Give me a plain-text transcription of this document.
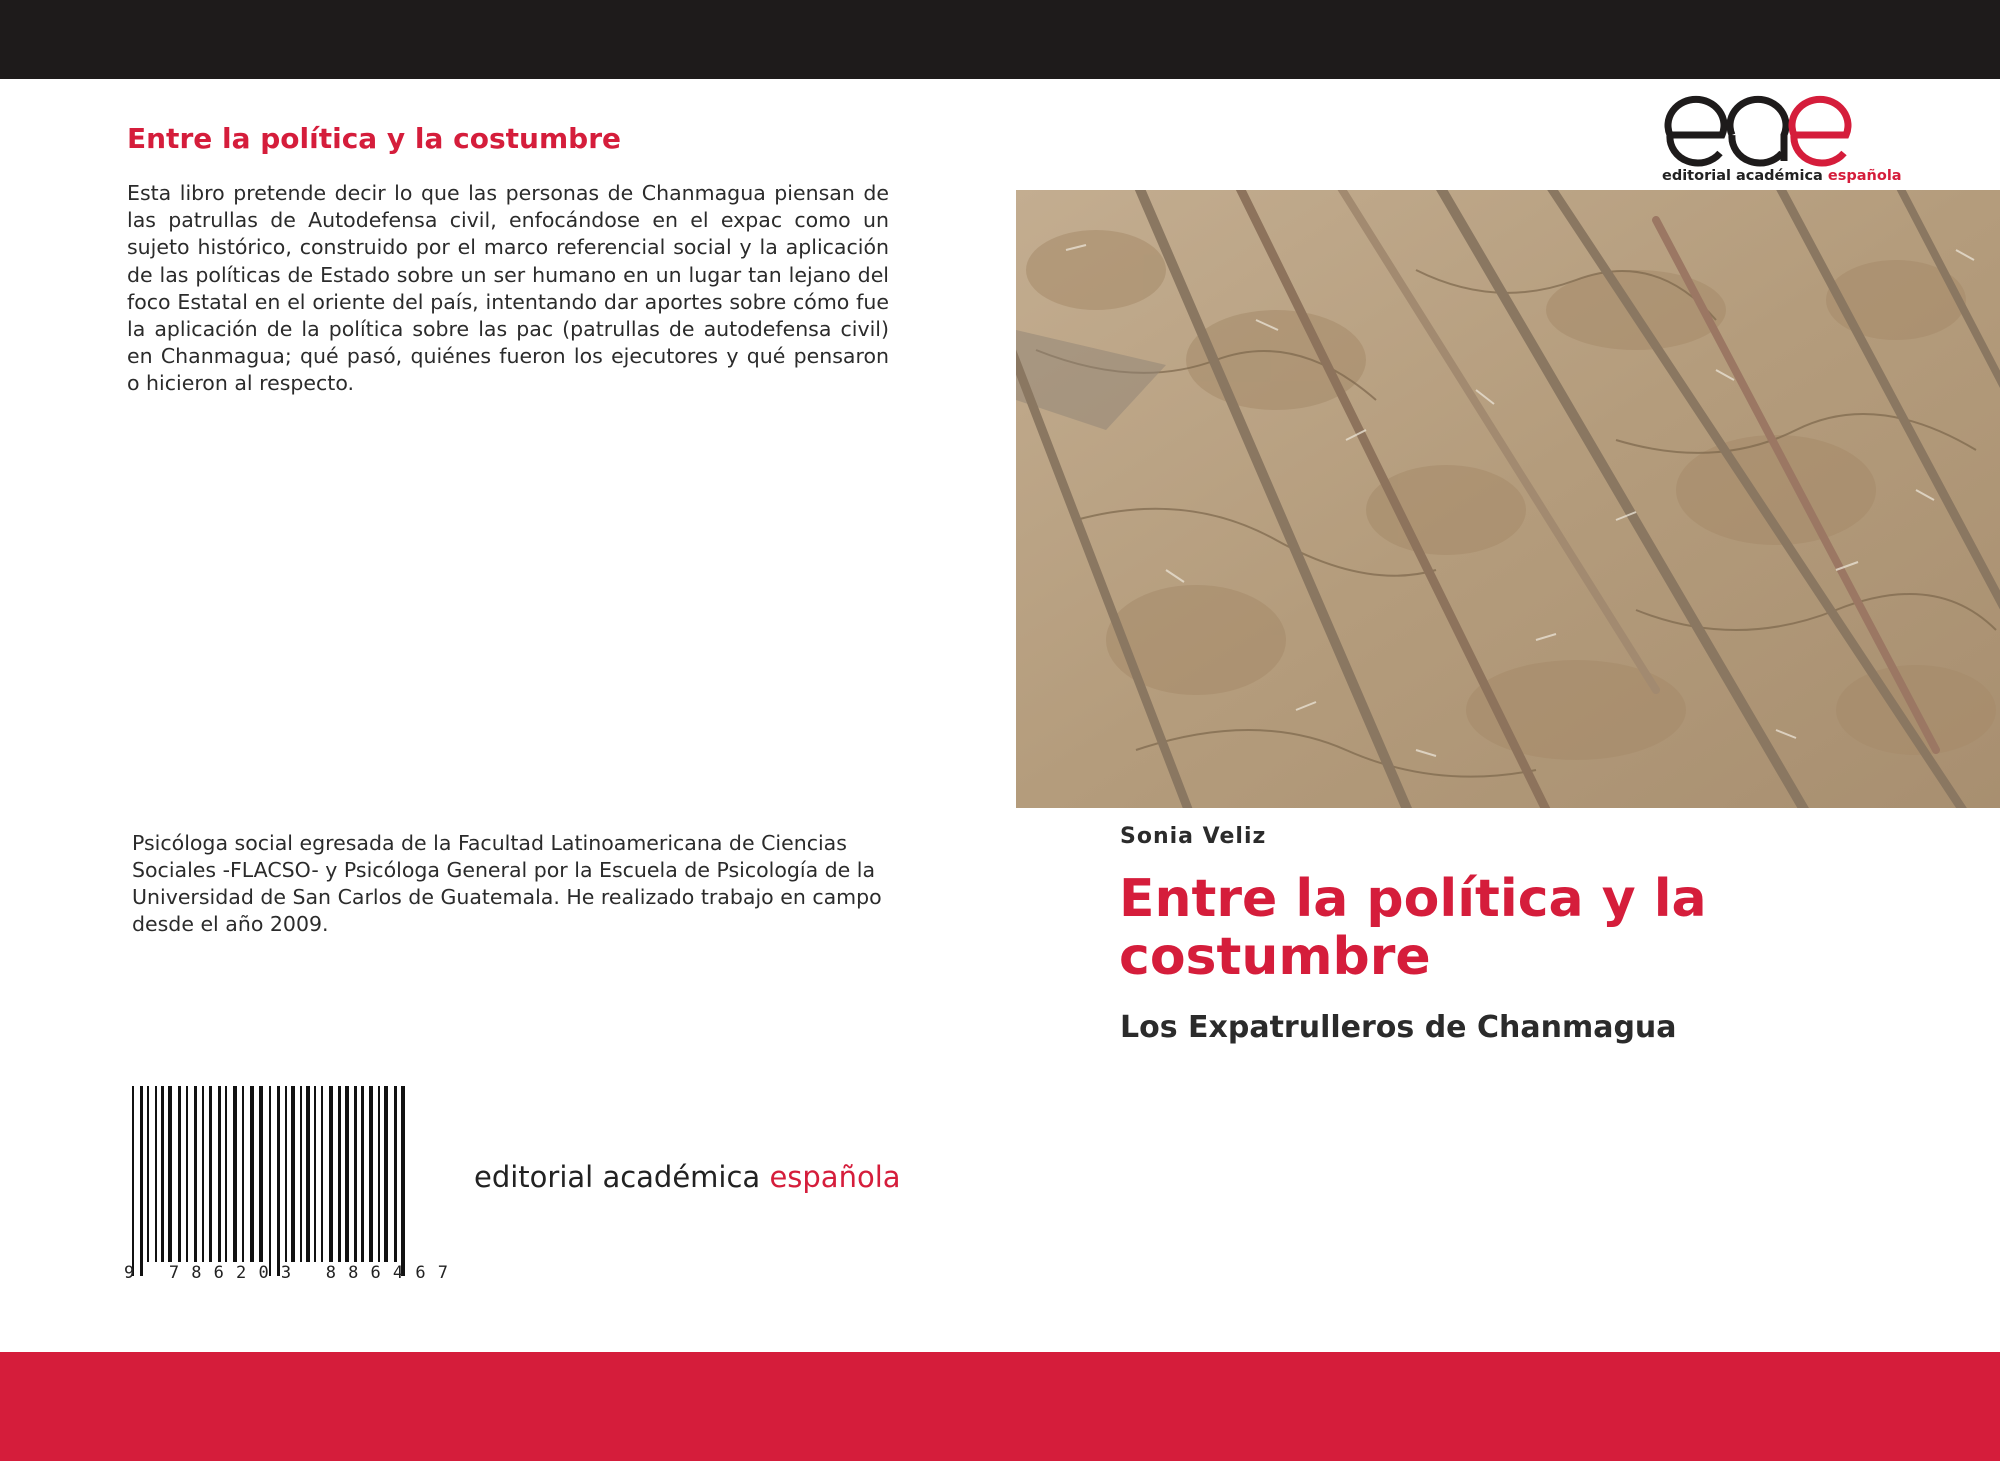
Entre la política y la costumbre

Esta libro pretende decir lo que las personas de Chanmagua piensan de las patrullas de Autodefensa civil, enfocándose en el expac como un sujeto histórico, construido por el marco referencial social y la aplicación de las políticas de Estado sobre un ser humano en un lugar tan lejano del foco Estatal en el oriente del país, intentando dar aportes sobre cómo fue la aplicación de la política sobre las pac (patrullas de autodefensa civil) en Chanmagua; qué pasó, quiénes fueron los ejecutores y qué pensaron o hicieron al respecto.

Psicóloga social egresada de la Facultad Latinoamericana de Ciencias Sociales -FLACSO- y Psicóloga General por la Escuela de Psicología de la Universidad de San Carlos de Guatemala. He realizado trabajo en campo desde el año 2009.

9 786203 886467

editorial académica española

editorial académica española

Sonia Veliz

Entre la política y la costumbre

Los Expatrulleros de Chanmagua
